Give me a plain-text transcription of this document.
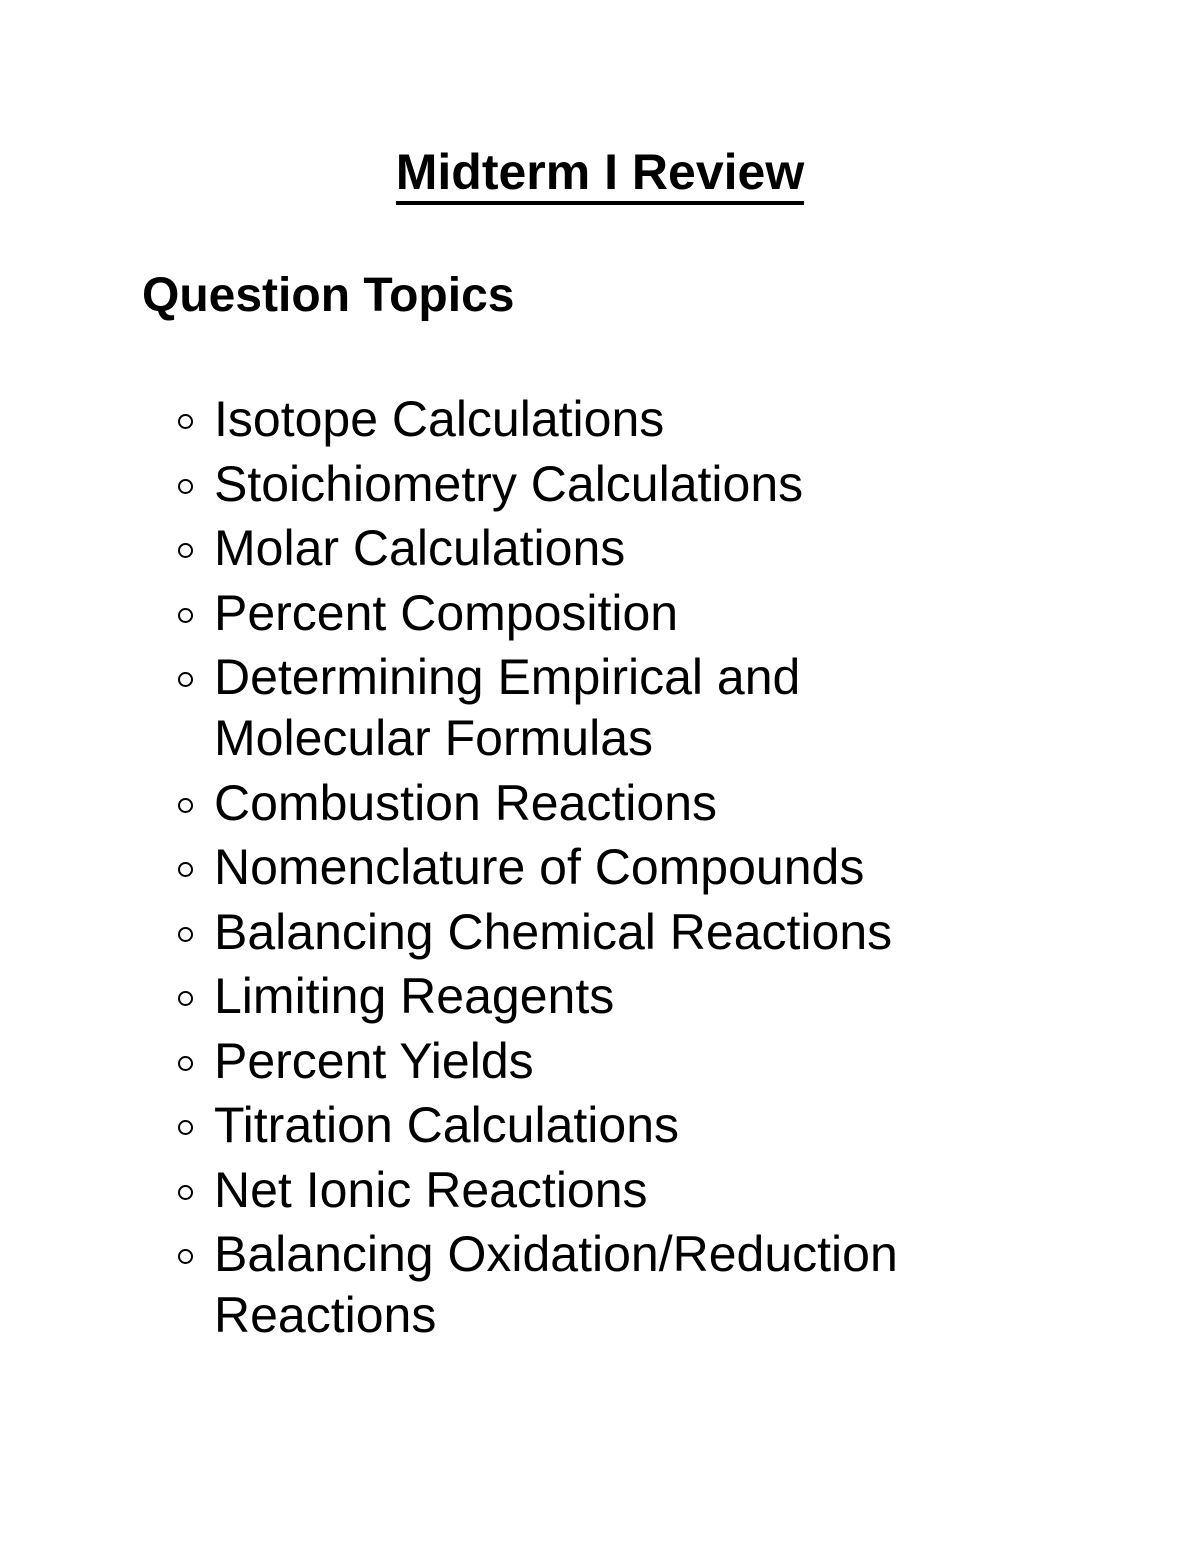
Midterm I Review
Question Topics
Isotope Calculations
Stoichiometry Calculations
Molar Calculations
Percent Composition
Determining Empirical and Molecular Formulas
Combustion Reactions
Nomenclature of Compounds
Balancing Chemical Reactions
Limiting Reagents
Percent Yields
Titration Calculations
Net Ionic Reactions
Balancing Oxidation/Reduction Reactions
